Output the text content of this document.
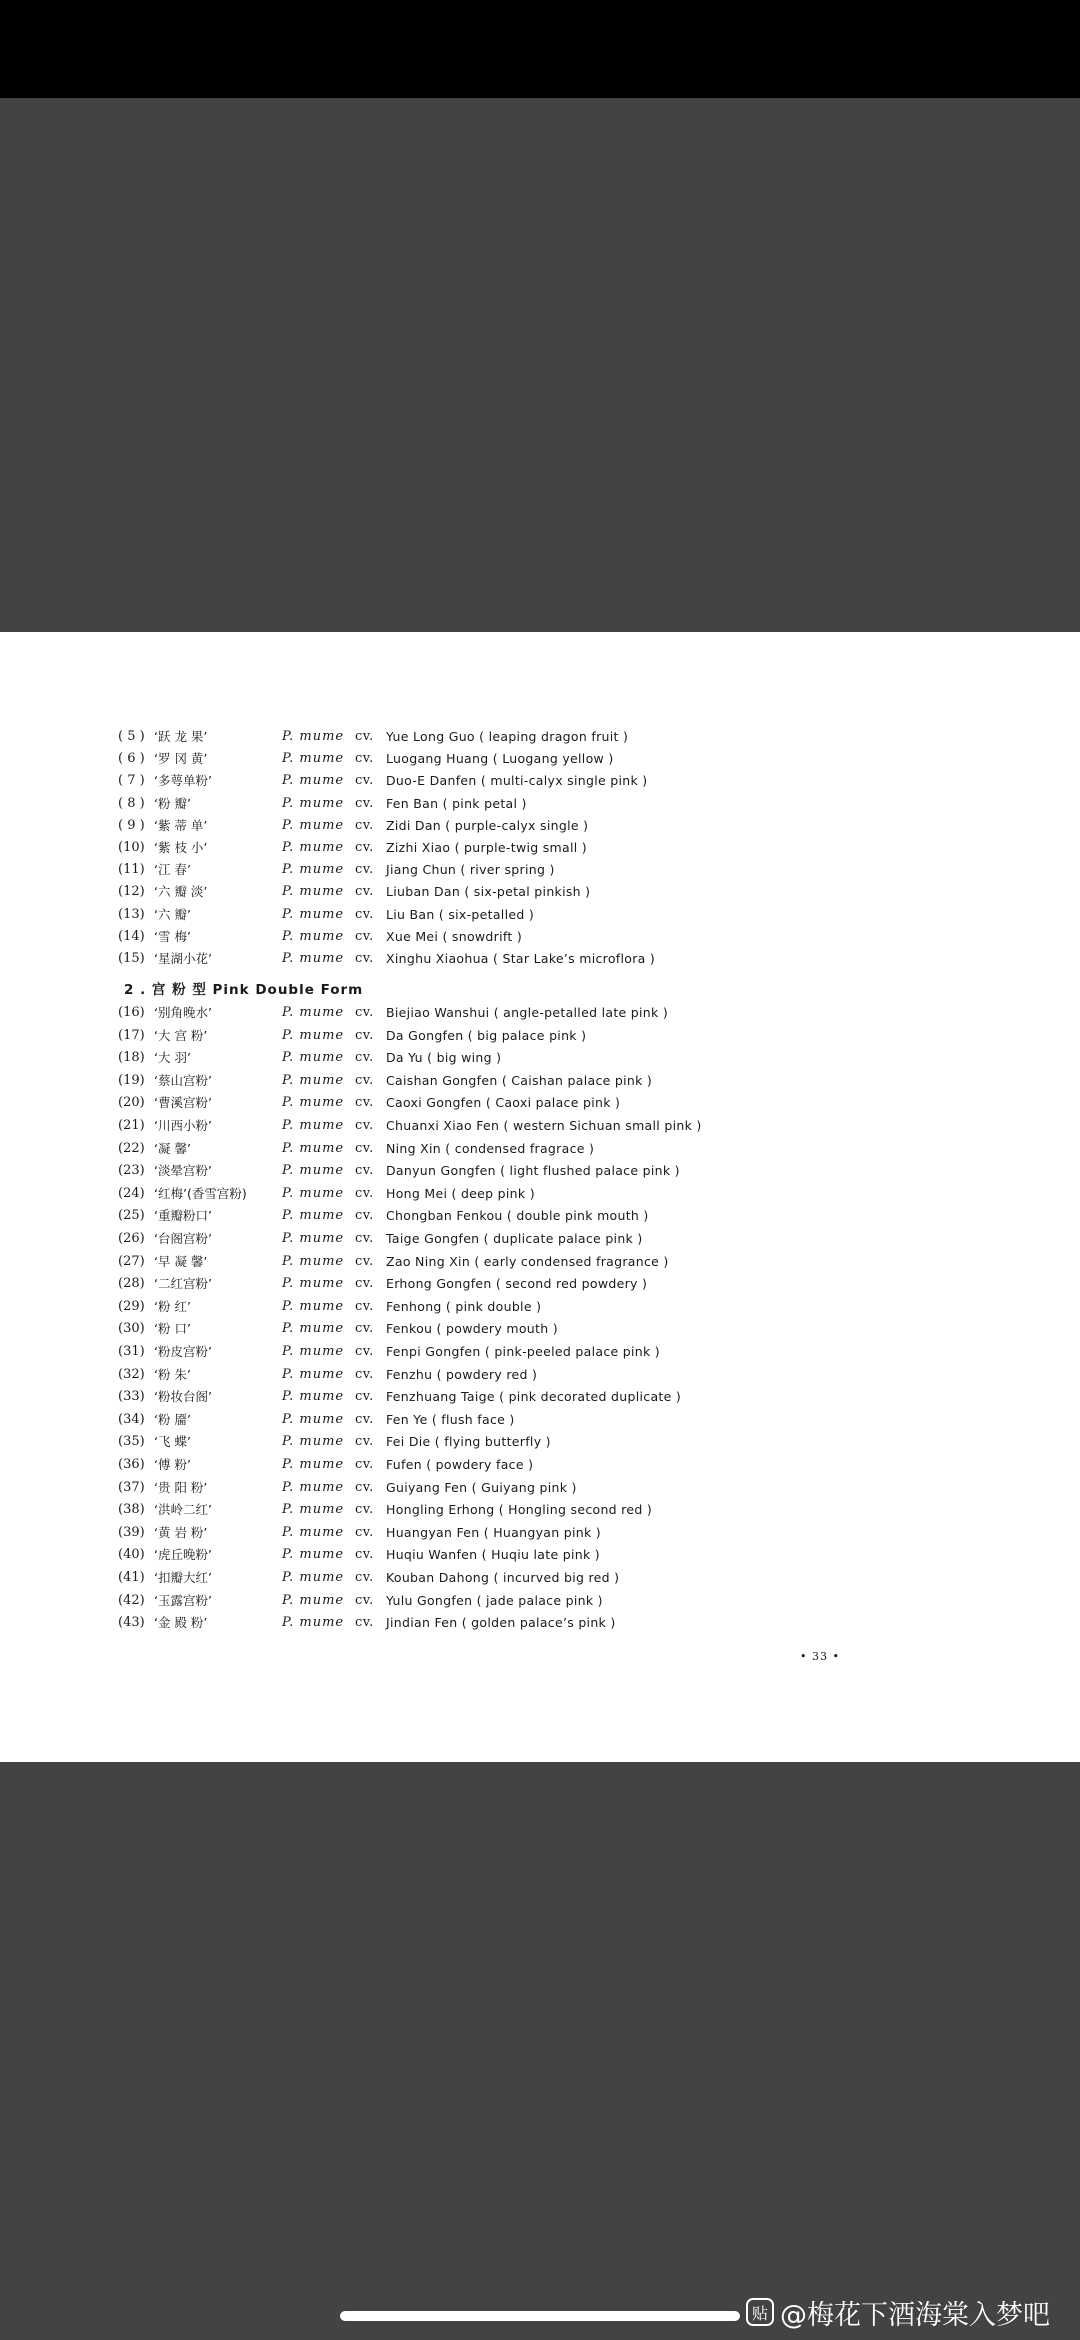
( 5 ) ‘跃 龙 果’	P. mume cv. Yue Long Guo ( leaping dragon fruit )
( 6 ) ‘罗 冈 黄’	P. mume cv. Luogang Huang ( Luogang yellow )
( 7 ) ‘多萼单粉’	P. mume cv. Duo-E Danfen ( multi-calyx single pink )
( 8 ) ‘粉 瓣’	P. mume cv. Fen Ban ( pink petal )
( 9 ) ‘紫 蒂 单’	P. mume cv. Zidi Dan ( purple-calyx single )
(10) ‘紫 枝 小’	P. mume cv. Zizhi Xiao ( purple-twig small )
(11) ‘江 春’	P. mume cv. Jiang Chun ( river spring )
(12) ‘六 瓣 淡’	P. mume cv. Liuban Dan ( six-petal pinkish )
(13) ‘六 瓣’	P. mume cv. Liu Ban ( six-petalled )
(14) ‘雪 梅’	P. mume cv. Xue Mei ( snowdrift )
(15) ‘星湖小花’	P. mume cv. Xinghu Xiaohua ( Star Lake’s microflora )
2 . 宫 粉 型 Pink Double Form
(16) ‘别角晚水’	P. mume cv. Biejiao Wanshui ( angle-petalled late pink )
(17) ‘大 宫 粉’	P. mume cv. Da Gongfen ( big palace pink )
(18) ‘大 羽’	P. mume cv. Da Yu ( big wing )
(19) ‘蔡山宫粉’	P. mume cv. Caishan Gongfen ( Caishan palace pink )
(20) ‘曹溪宫粉’	P. mume cv. Caoxi Gongfen ( Caoxi palace pink )
(21) ‘川西小粉’	P. mume cv. Chuanxi Xiao Fen ( western Sichuan small pink )
(22) ‘凝 馨’	P. mume cv. Ning Xin ( condensed fragrace )
(23) ‘淡晕宫粉’	P. mume cv. Danyun Gongfen ( light flushed palace pink )
(24) ‘红梅’(香雪宫粉)	P. mume cv. Hong Mei ( deep pink )
(25) ‘重瓣粉口’	P. mume cv. Chongban Fenkou ( double pink mouth )
(26) ‘台阁宫粉’	P. mume cv. Taige Gongfen ( duplicate palace pink )
(27) ‘早 凝 馨’	P. mume cv. Zao Ning Xin ( early condensed fragrance )
(28) ‘二红宫粉’	P. mume cv. Erhong Gongfen ( second red powdery )
(29) ‘粉 红’	P. mume cv. Fenhong ( pink double )
(30) ‘粉 口’	P. mume cv. Fenkou ( powdery mouth )
(31) ‘粉皮宫粉’	P. mume cv. Fenpi Gongfen ( pink-peeled palace pink )
(32) ‘粉 朱’	P. mume cv. Fenzhu ( powdery red )
(33) ‘粉妆台阁’	P. mume cv. Fenzhuang Taige ( pink decorated duplicate )
(34) ‘粉 靥’	P. mume cv. Fen Ye ( flush face )
(35) ‘飞 蝶’	P. mume cv. Fei Die ( flying butterfly )
(36) ‘傅 粉’	P. mume cv. Fufen ( powdery face )
(37) ‘贵 阳 粉’	P. mume cv. Guiyang Fen ( Guiyang pink )
(38) ‘洪岭二红’	P. mume cv. Hongling Erhong ( Hongling second red )
(39) ‘黄 岩 粉’	P. mume cv. Huangyan Fen ( Huangyan pink )
(40) ‘虎丘晚粉’	P. mume cv. Huqiu Wanfen ( Huqiu late pink )
(41) ‘扣瓣大红’	P. mume cv. Kouban Dahong ( incurved big red )
(42) ‘玉露宫粉’	P. mume cv. Yulu Gongfen ( jade palace pink )
(43) ‘金 殿 粉’	P. mume cv. Jindian Fen ( golden palace’s pink )
• 33 •
贴 @梅花下酒海棠入梦吧
